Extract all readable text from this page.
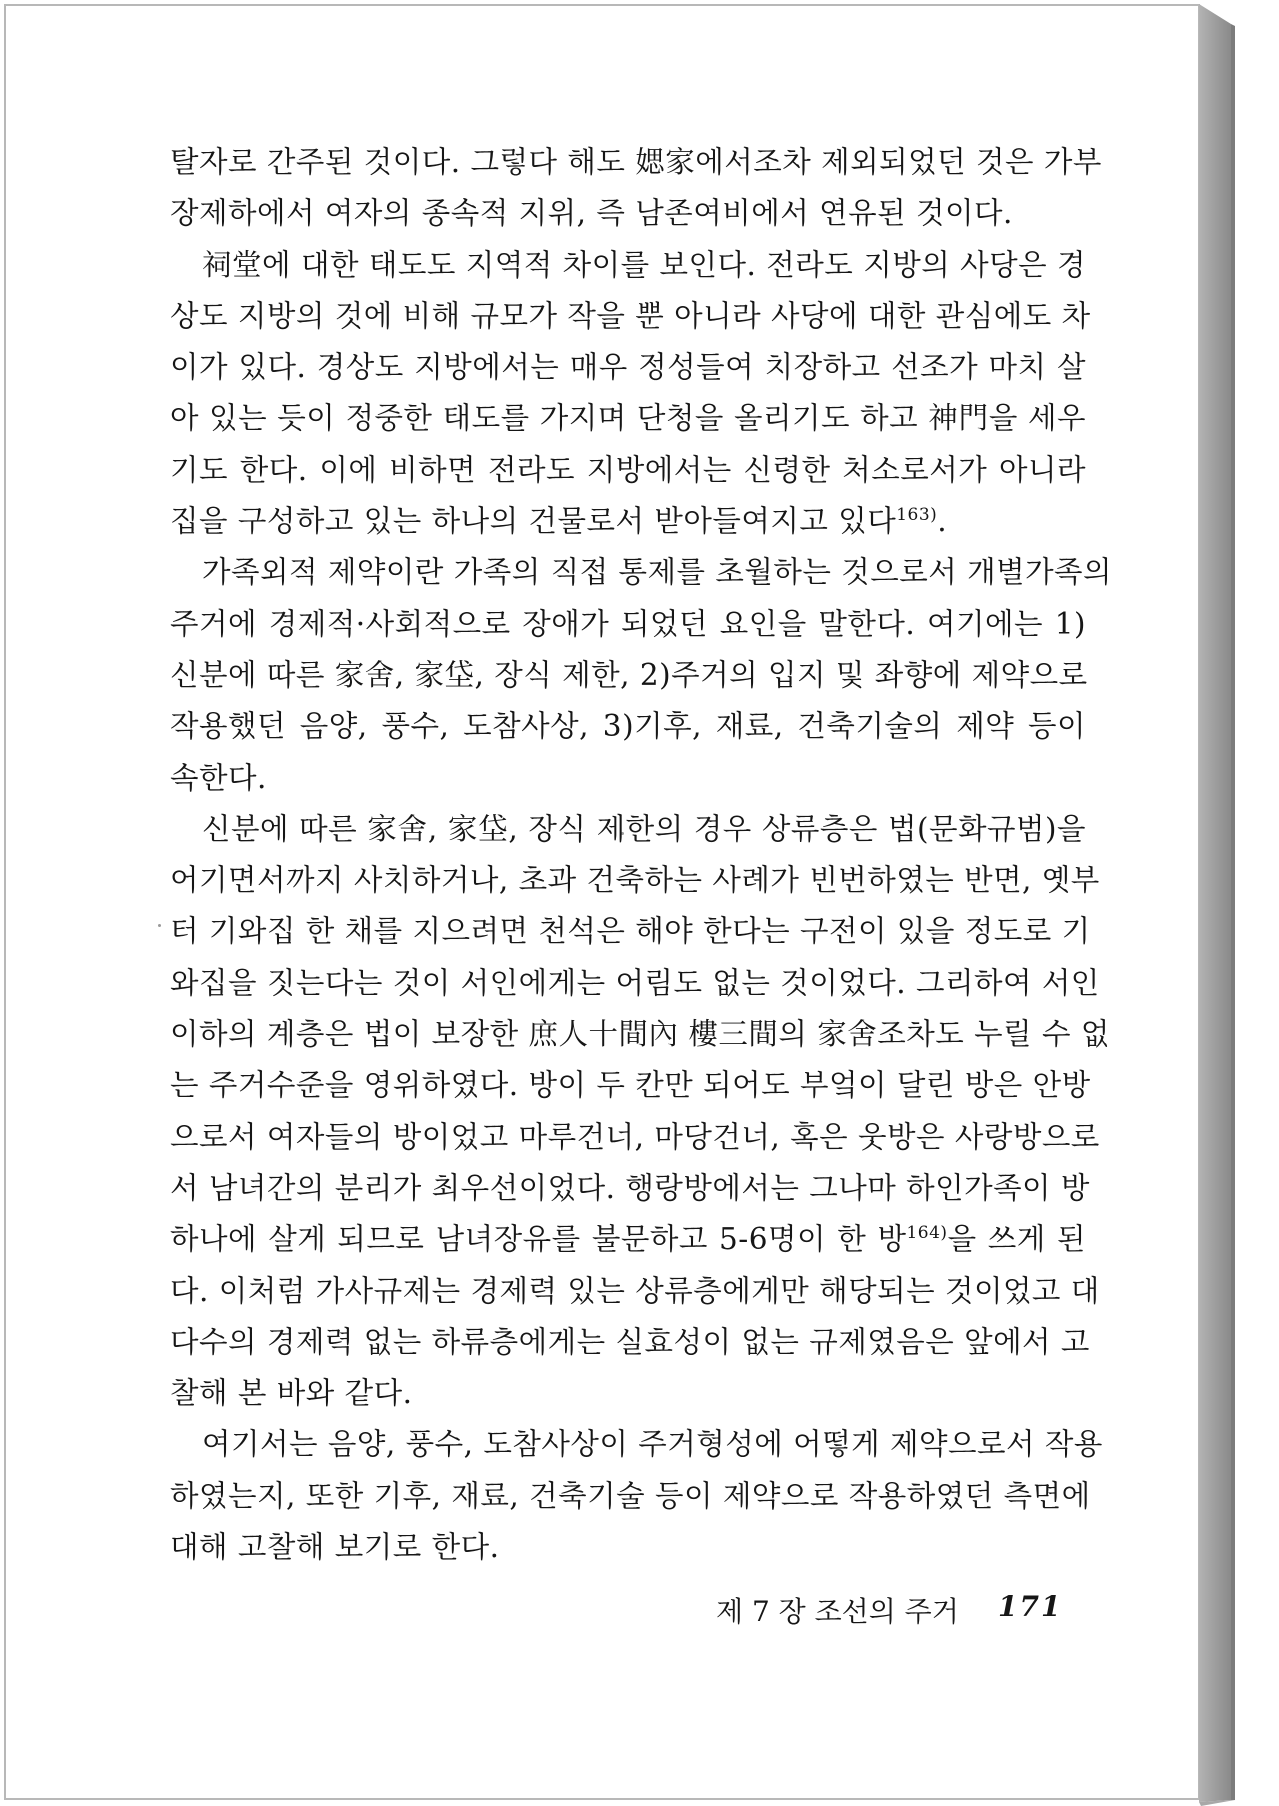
탈자로 간주된 것이다. 그렇다 해도 媤家에서조차 제외되었던 것은 가부
장제하에서 여자의 종속적 지위, 즉 남존여비에서 연유된 것이다.
祠堂에 대한 태도도 지역적 차이를 보인다. 전라도 지방의 사당은 경
상도 지방의 것에 비해 규모가 작을 뿐 아니라 사당에 대한 관심에도 차
이가 있다. 경상도 지방에서는 매우 정성들여 치장하고 선조가 마치 살
아 있는 듯이 정중한 태도를 가지며 단청을 올리기도 하고 神門을 세우
기도 한다. 이에 비하면 전라도 지방에서는 신령한 처소로서가 아니라
집을 구성하고 있는 하나의 건물로서 받아들여지고 있다$^{163)}$.
가족외적 제약이란 가족의 직접 통제를 초월하는 것으로서 개별가족의
주거에 경제적·사회적으로 장애가 되었던 요인을 말한다. 여기에는 1)
신분에 따른 家舍, 家垈, 장식 제한, 2)주거의 입지 및 좌향에 제약으로
작용했던 음양, 풍수, 도참사상, 3)기후, 재료, 건축기술의 제약 등이
속한다.
신분에 따른 家舍, 家垈, 장식 제한의 경우 상류층은 법(문화규범)을
어기면서까지 사치하거나, 초과 건축하는 사례가 빈번하였는 반면, 옛부
터 기와집 한 채를 지으려면 천석은 해야 한다는 구전이 있을 정도로 기
와집을 짓는다는 것이 서인에게는 어림도 없는 것이었다. 그리하여 서인
이하의 계층은 법이 보장한 庶人十間內 樓三間의 家舍조차도 누릴 수 없
는 주거수준을 영위하였다. 방이 두 칸만 되어도 부엌이 달린 방은 안방
으로서 여자들의 방이었고 마루건너, 마당건너, 혹은 웃방은 사랑방으로
서 남녀간의 분리가 최우선이었다. 행랑방에서는 그나마 하인가족이 방
하나에 살게 되므로 남녀장유를 불문하고 5-6명이 한 방$^{164)}$을 쓰게 된
다. 이처럼 가사규제는 경제력 있는 상류층에게만 해당되는 것이었고 대
다수의 경제력 없는 하류층에게는 실효성이 없는 규제였음은 앞에서 고
찰해 본 바와 같다.
여기서는 음양, 풍수, 도참사상이 주거형성에 어떻게 제약으로서 작용
하였는지, 또한 기후, 재료, 건축기술 등이 제약으로 작용하였던 측면에
대해 고찰해 보기로 한다.
제 7 장 조선의 주거 171
